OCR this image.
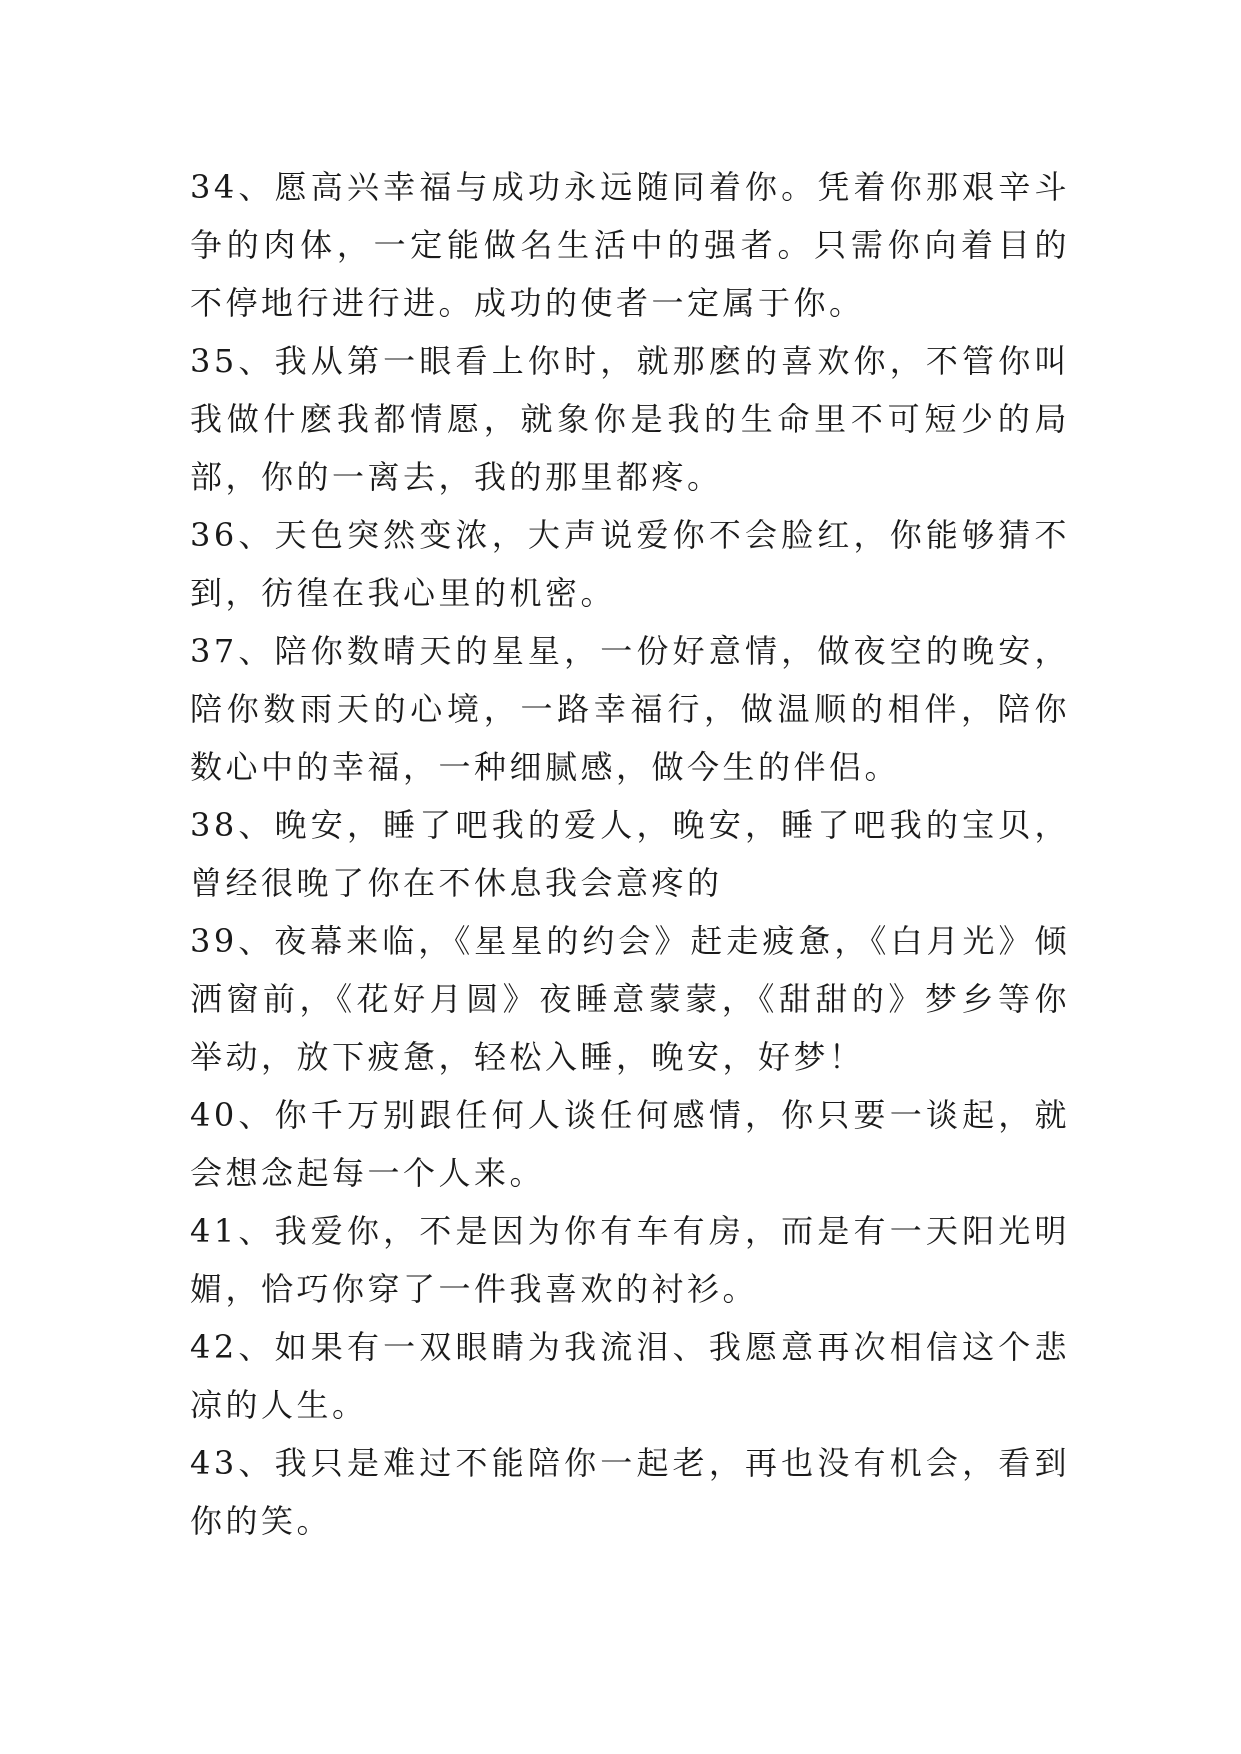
34、愿高兴幸福与成功永远随同着你。凭着你那艰辛斗争的肉体，一定能做名生活中的强者。只需你向着目的不停地行进行进。成功的使者一定属于你。

35、我从第一眼看上你时，就那麽的喜欢你，不管你叫我做什麽我都情愿，就象你是我的生命里不可短少的局部，你的一离去，我的那里都疼。

36、天色突然变浓，大声说爱你不会脸红，你能够猜不到，彷徨在我心里的机密。

37、陪你数晴天的星星，一份好意情，做夜空的晚安，陪你数雨天的心境，一路幸福行，做温顺的相伴，陪你数心中的幸福，一种细腻感，做今生的伴侣。

38、晚安，睡了吧我的爱人，晚安，睡了吧我的宝贝，曾经很晚了你在不休息我会意疼的

39、夜幕来临，《星星的约会》赶走疲惫，《白月光》倾洒窗前，《花好月圆》夜睡意蒙蒙，《甜甜的》梦乡等你举动，放下疲惫，轻松入睡，晚安，好梦！

40、你千万别跟任何人谈任何感情，你只要一谈起，就会想念起每一个人来。

41、我爱你，不是因为你有车有房，而是有一天阳光明媚，恰巧你穿了一件我喜欢的衬衫。

42、如果有一双眼睛为我流泪、我愿意再次相信这个悲凉的人生。

43、我只是难过不能陪你一起老，再也没有机会，看到你的笑。
